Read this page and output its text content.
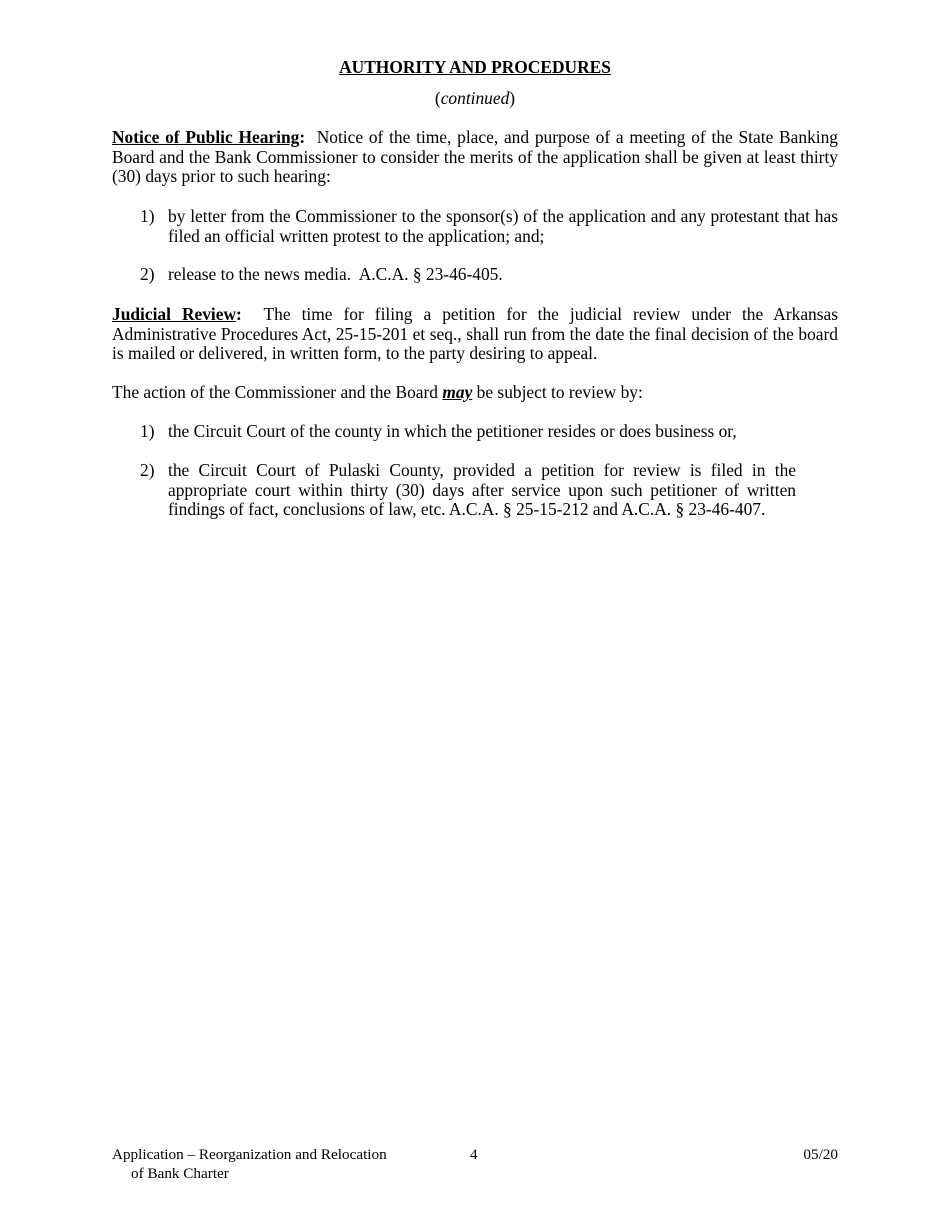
AUTHORITY AND PROCEDURES
(continued)

Notice of Public Hearing:  Notice of the time, place, and purpose of a meeting of the State Banking Board and the Bank Commissioner to consider the merits of the application shall be given at least thirty (30) days prior to such hearing:

1) by letter from the Commissioner to the sponsor(s) of the application and any protestant that has filed an official written protest to the application; and;
2) release to the news media.  A.C.A. § 23-46-405.

Judicial Review:  The time for filing a petition for the judicial review under the Arkansas Administrative Procedures Act, 25-15-201 et seq., shall run from the date the final decision of the board is mailed or delivered, in written form, to the party desiring to appeal.

The action of the Commissioner and the Board may be subject to review by:

1) the Circuit Court of the county in which the petitioner resides or does business or,
2) the Circuit Court of Pulaski County, provided a petition for review is filed in the appropriate court within thirty (30) days after service upon such petitioner of written findings of fact, conclusions of law, etc. A.C.A. § 25-15-212 and A.C.A. § 23-46-407.
Application – Reorganization and Relocation
of Bank Charter
4	05/20
